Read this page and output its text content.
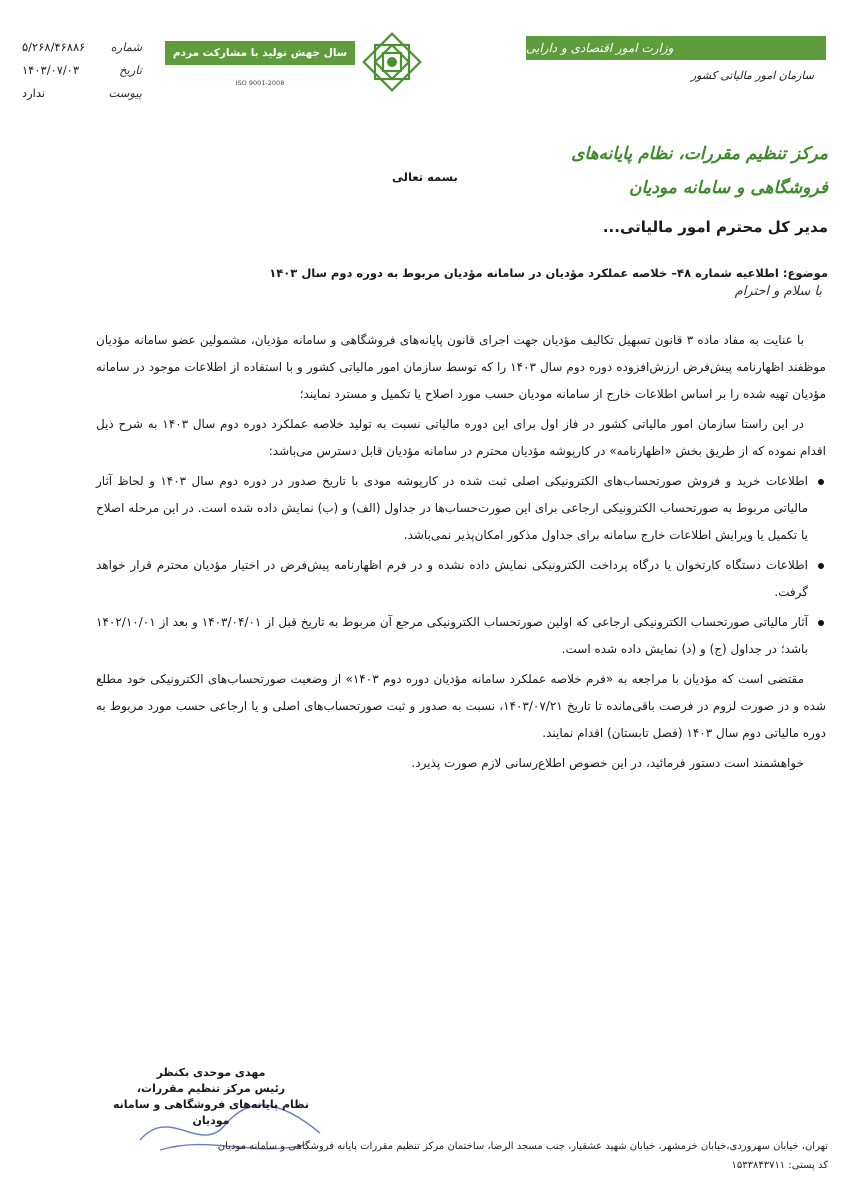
شماره
۵/۲۶۸/۴۶۸۸۶
تاریخ
۱۴۰۳/۰۷/۰۳
پیوست
ندارد
سال جهش تولید با مشارکت مردم
ISO 9001-2008
وزارت امور اقتصادی و دارایی
سازمان امور مالیاتی کشور
مرکز تنظیم مقررات، نظام پایانه‌های فروشگاهی و سامانه مودیان
بسمه تعالی
مدیر کل محترم امور مالیاتی...
موضوع: اطلاعیه شماره ۴۸– خلاصه عملکرد مؤدیان در سامانه مؤدیان مربوط به دوره دوم سال ۱۴۰۳
با سلام و احترام

با عنایت به مفاد ماده ۳ قانون تسهیل تکالیف مؤدیان جهت اجرای قانون پایانه‌های فروشگاهی و سامانه مؤدیان، مشمولین عضو سامانه مؤدیان موظفند اظهارنامه پیش‌فرض ارزش‌افزوده دوره دوم سال ۱۴۰۳ را که توسط سازمان امور مالیاتی کشور و با استفاده از اطلاعات موجود در سامانه مؤدیان تهیه شده را بر اساس اطلاعات خارج از سامانه مودیان حسب مورد اصلاح یا تکمیل و مسترد نمایند؛

در این راستا سازمان امور مالیاتی کشور در فاز اول برای این دوره مالیاتی نسبت به تولید خلاصه عملکرد دوره دوم سال ۱۴۰۳ به شرح ذیل اقدام نموده که از طریق بخش «اظهارنامه» در کارپوشه مؤدیان محترم در سامانه مؤدیان قابل دسترس می‌باشد:

اطلاعات خرید و فروش صورتحساب‌های الکترونیکی اصلی ثبت شده در کارپوشه مودی با تاریخ صدور در دوره دوم سال ۱۴۰۳ و لحاظ آثار مالیاتی مربوط به صورتحساب الکترونیکی ارجاعی برای این صورت‌حساب‌ها در جداول (الف) و (ب) نمایش داده شده است. در این مرحله اصلاح یا تکمیل یا ویرایش اطلاعات خارج سامانه برای جداول مذکور امکان‌پذیر نمی‌باشد.
اطلاعات دستگاه کارتخوان یا درگاه پرداخت الکترونیکی نمایش داده نشده و در فرم اظهارنامه پیش‌فرض در اختیار مؤدیان محترم قرار خواهد گرفت.
آثار مالیاتی صورتحساب الکترونیکی ارجاعی که اولین صورتحساب الکترونیکی مرجع آن مربوط به تاریخ قبل از ۱۴۰۳/۰۴/۰۱ و بعد از ۱۴۰۲/۱۰/۰۱ باشد؛ در جداول (ج) و (د) نمایش داده شده است.

مقتضی است که مؤدیان با مراجعه به «فرم خلاصه عملکرد سامانه مؤدیان دوره دوم ۱۴۰۳» از وضعیت صورتحساب‌های الکترونیکی خود مطلع شده و در صورت لزوم در فرصت باقی‌مانده تا تاریخ ۱۴۰۳/۰۷/۲۱، نسبت به صدور و ثبت صورتحساب‌های اصلی و یا ارجاعی حسب مورد مربوط به دوره مالیاتی دوم سال ۱۴۰۳ (فصل تابستان) اقدام نمایند.

خواهشمند است دستور فرمائید، در این خصوص اطلاع‌رسانی لازم صورت پذیرد.

مهدی موحدی بکنظر
رئیس مرکز تنظیم مقررات،
نظام پایانه‌های فروشگاهی و سامانه مودیان
تهران، خیابان سهروردی،خیابان خرمشهر، خیابان شهید عشقیار، جنب مسجد الرضا، ساختمان مرکز تنظیم مقررات پایانه فروشگاهی و سامانه مودیان
کد پستی: ۱۵۳۳۸۴۳۷۱۱
